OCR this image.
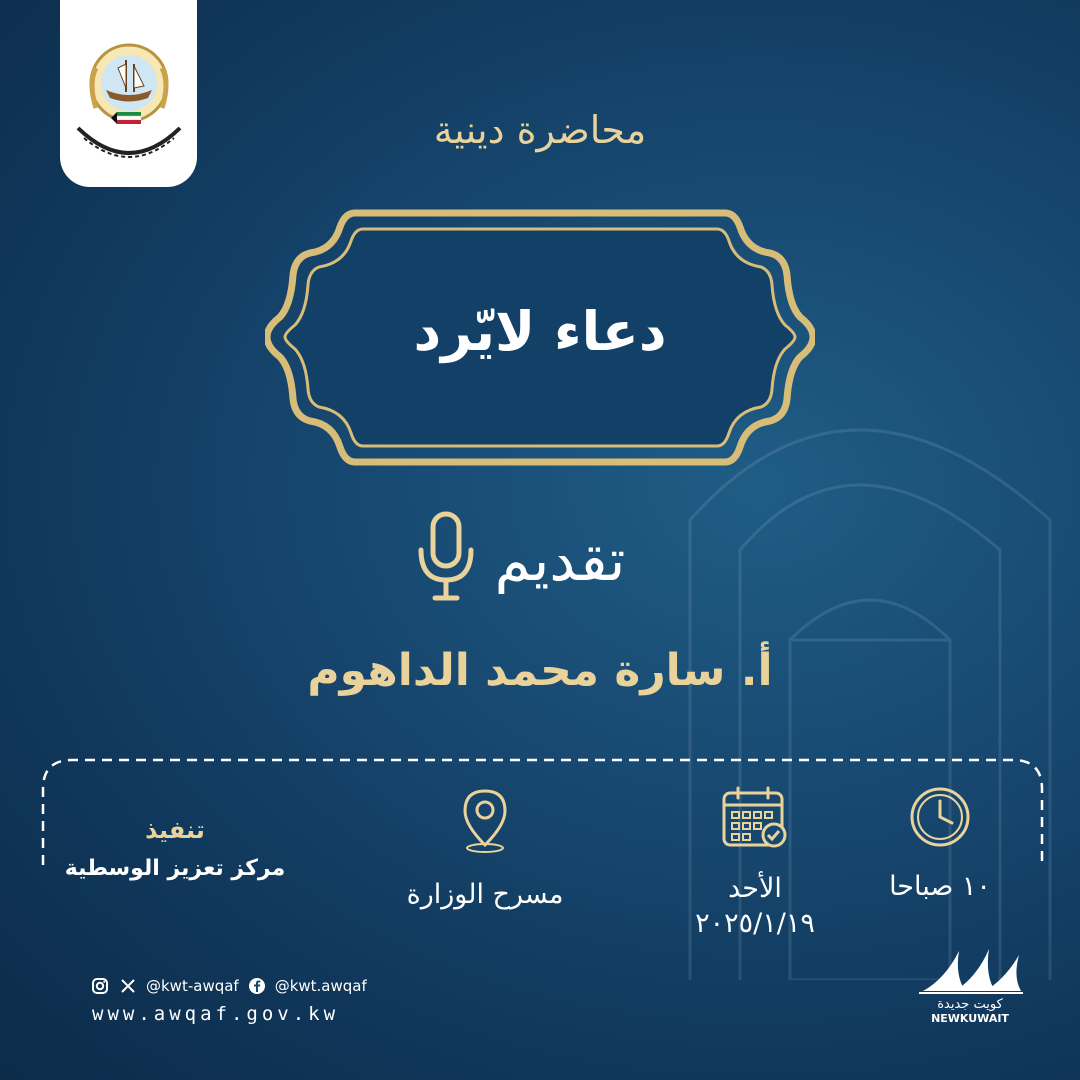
محاضرة دينية
دعاء لايّرد
تقديم
أ. سارة محمد الداهوم
١٠ صباحا
الأحد
٢٠٢٥/١/١٩
مسرح الوزارة
تنفيذ
مركز تعزيز الوسطية
@kwt-awqaf @kwt.awqaf
www.awqaf.gov.kw	كويت جديدة
NEWKUWAIT
